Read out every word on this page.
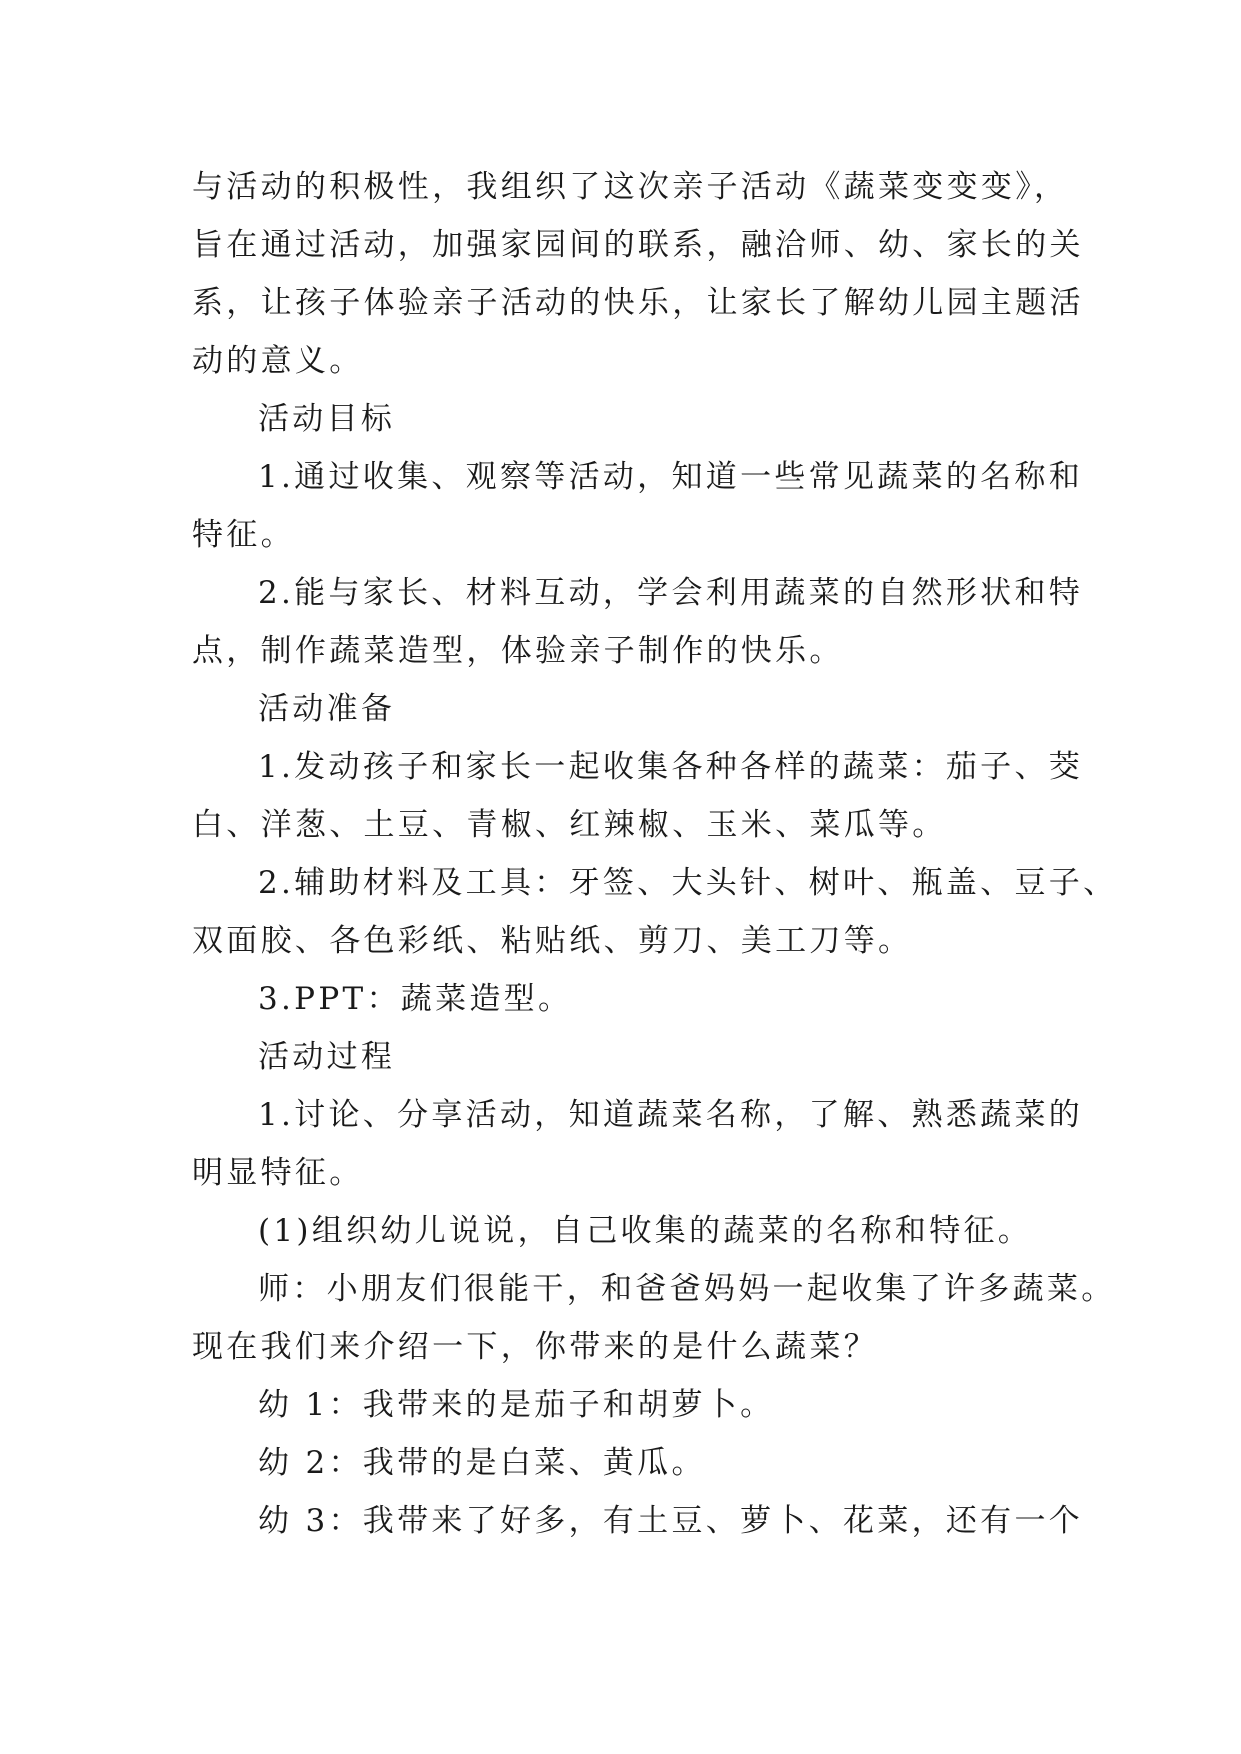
与活动的积极性，我组织了这次亲子活动《蔬菜变变变》，
旨在通过活动，加强家园间的联系，融洽师、幼、家长的关
系，让孩子体验亲子活动的快乐，让家长了解幼儿园主题活
动的意义。
活动目标
1.通过收集、观察等活动，知道一些常见蔬菜的名称和
特征。
2.能与家长、材料互动，学会利用蔬菜的自然形状和特
点，制作蔬菜造型，体验亲子制作的快乐。
活动准备
1.发动孩子和家长一起收集各种各样的蔬菜：茄子、茭
白、洋葱、土豆、青椒、红辣椒、玉米、菜瓜等。
2.辅助材料及工具：牙签、大头针、树叶、瓶盖、豆子、
双面胶、各色彩纸、粘贴纸、剪刀、美工刀等。
3.PPT：蔬菜造型。
活动过程
1.讨论、分享活动，知道蔬菜名称，了解、熟悉蔬菜的
明显特征。
(1)组织幼儿说说，自己收集的蔬菜的名称和特征。
师：小朋友们很能干，和爸爸妈妈一起收集了许多蔬菜。
现在我们来介绍一下，你带来的是什么蔬菜？
幼 1：我带来的是茄子和胡萝卜。
幼 2：我带的是白菜、黄瓜。
幼 3：我带来了好多，有土豆、萝卜、花菜，还有一个
